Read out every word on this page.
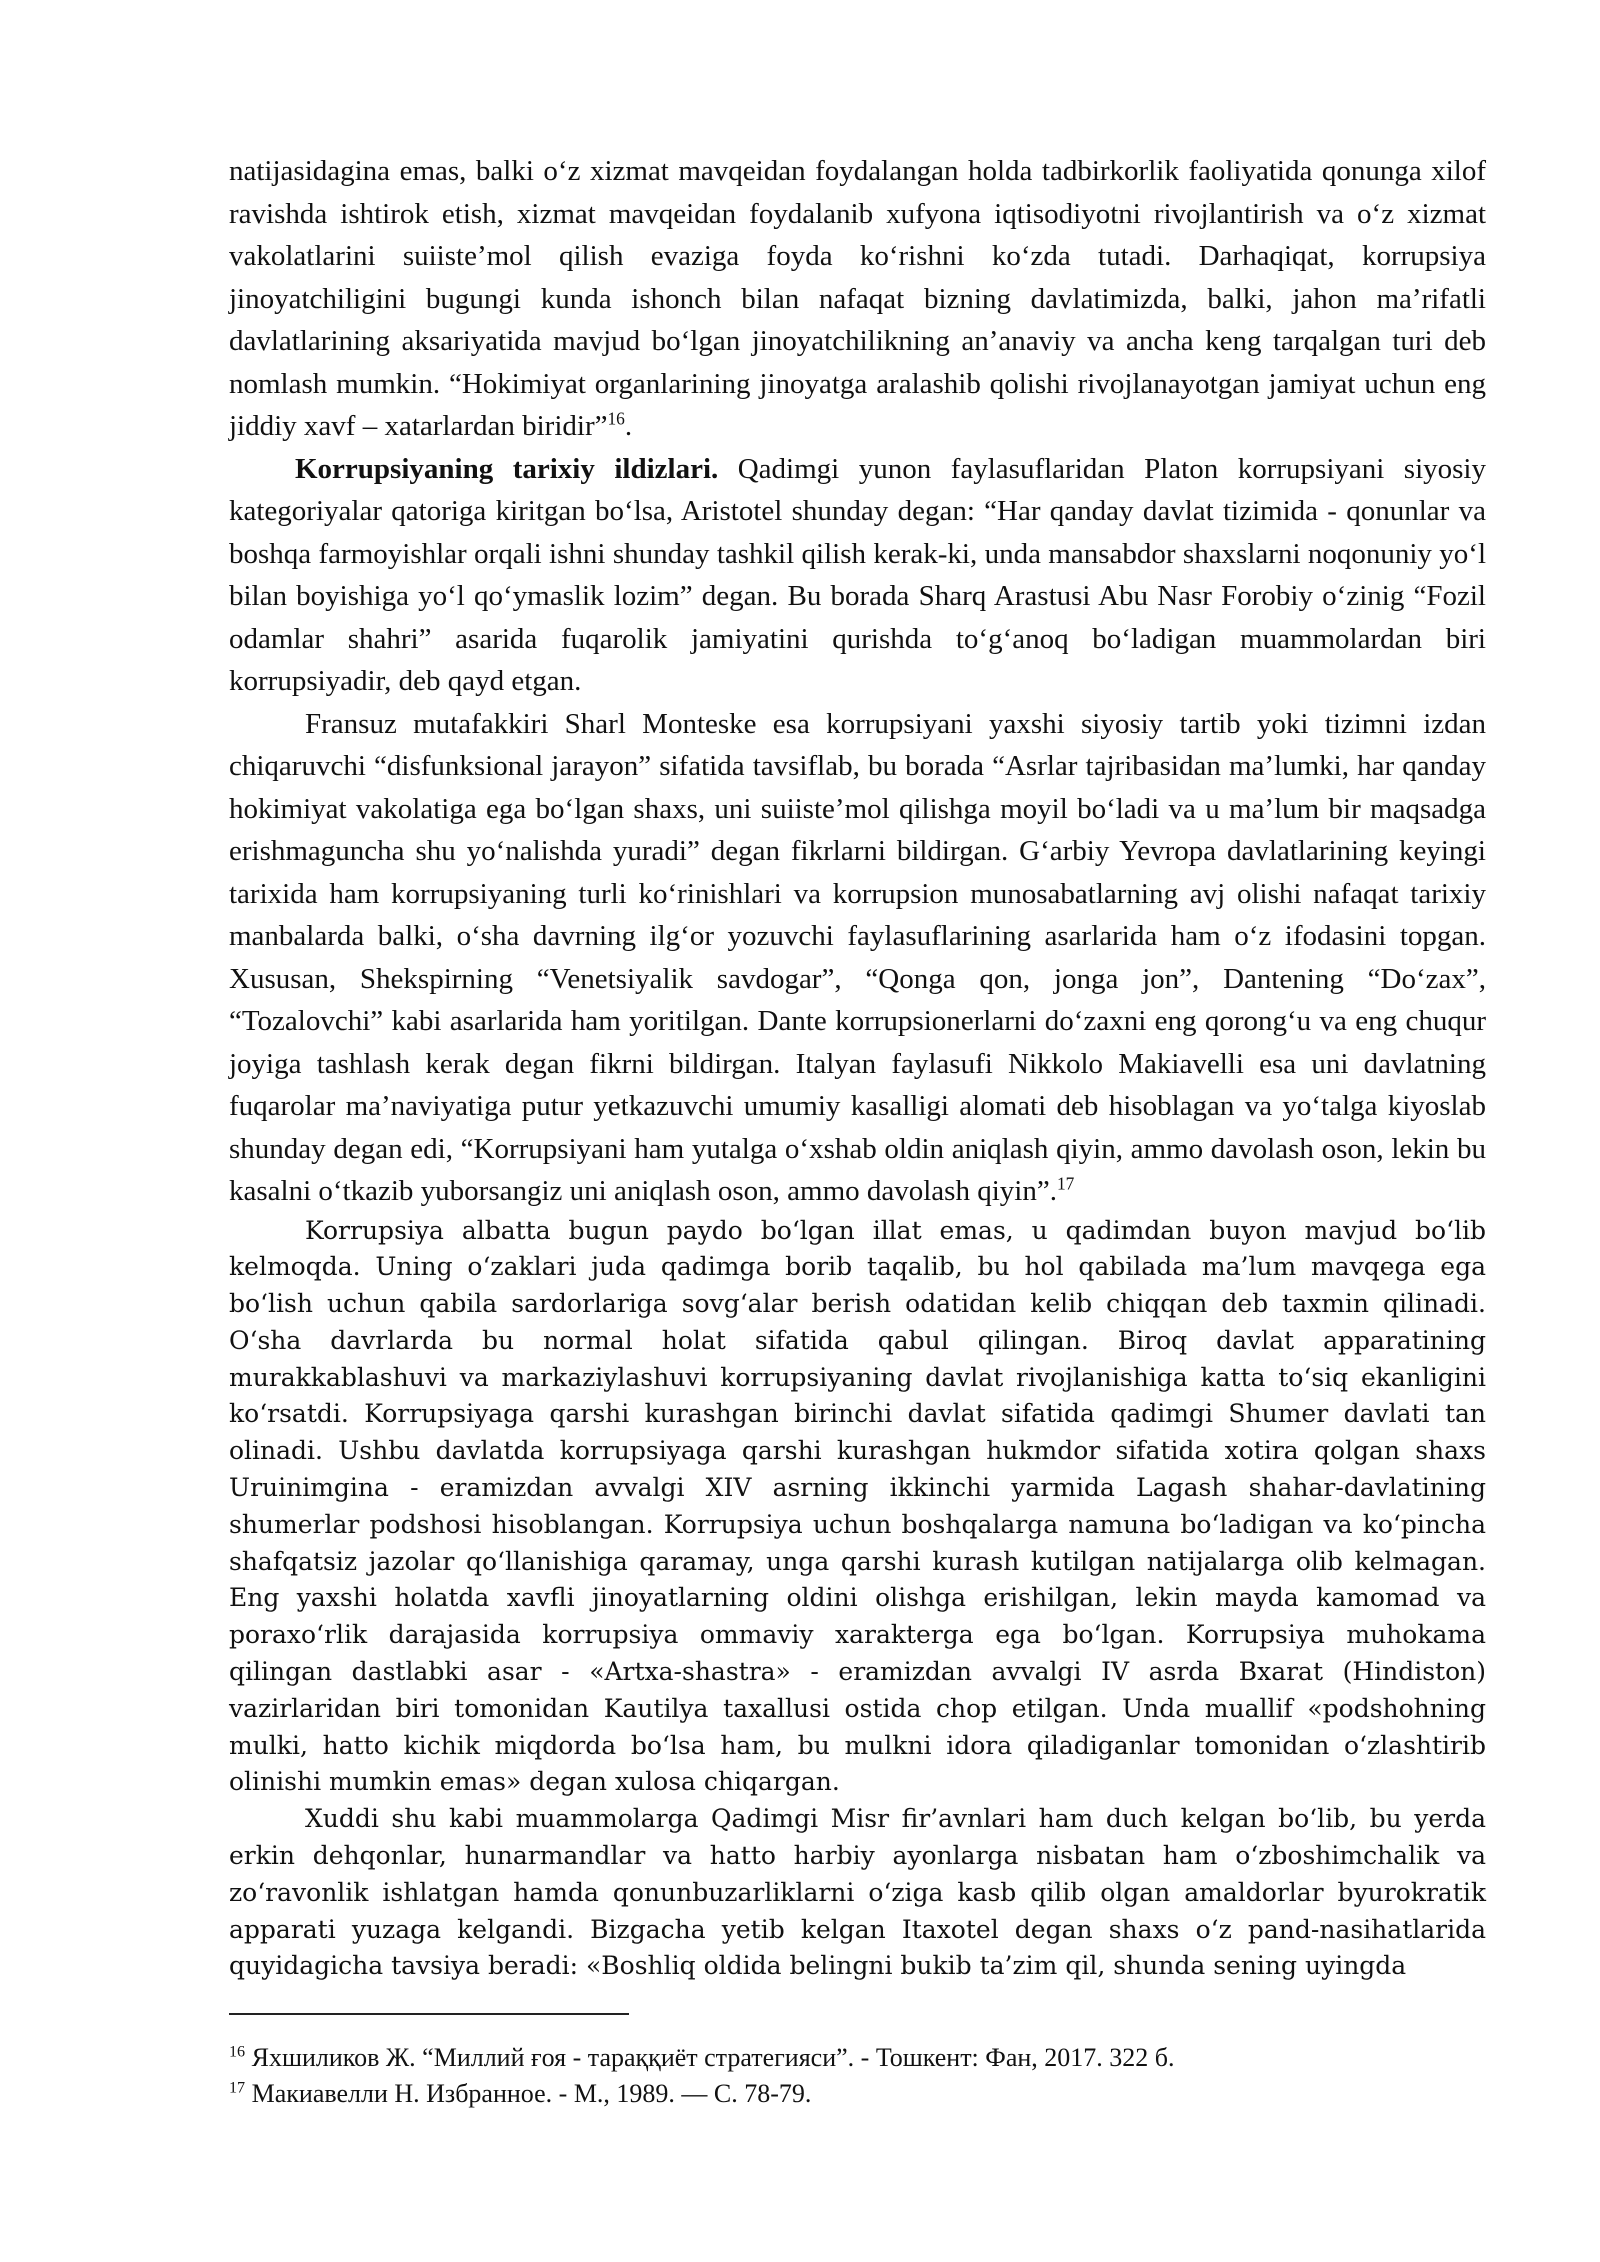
natijasidagina emas, balki o‘z xizmat mavqeidan foydalangan holda tadbirkorlik faoliyatida qonunga xilof ravishda ishtirok etish, xizmat mavqeidan foydalanib xufyona iqtisodiyotni rivojlantirish va o‘z xizmat vakolatlarini suiiste’mol qilish evaziga foyda ko‘rishni ko‘zda tutadi. Darhaqiqat, korrupsiya jinoyatchiligini bugungi kunda ishonch bilan nafaqat bizning davlatimizda, balki, jahon ma’rifatli davlatlarining aksariyatida mavjud bo‘lgan jinoyatchilikning an’anaviy va ancha keng tarqalgan turi deb nomlash mumkin. “Hokimiyat organlarining jinoyatga aralashib qolishi rivojlanayotgan jamiyat uchun eng jiddiy xavf – xatarlardan biridir”$^{16}$.

Korrupsiyaning tarixiy ildizlari. Qadimgi yunon faylasuflaridan Platon korrupsiyani siyosiy kategoriyalar qatoriga kiritgan bo‘lsa, Aristotel shunday degan: “Har qanday davlat tizimida - qonunlar va boshqa farmoyishlar orqali ishni shunday tashkil qilish kerak-ki, unda mansabdor shaxslarni noqonuniy yo‘l bilan boyishiga yo‘l qo‘ymaslik lozim” degan. Bu borada Sharq Arastusi Abu Nasr Forobiy o‘zinig “Fozil odamlar shahri” asarida fuqarolik jamiyatini qurishda to‘g‘anoq bo‘ladigan muammolardan biri korrupsiyadir, deb qayd etgan.

Fransuz mutafakkiri Sharl Monteske esa korrupsiyani yaxshi siyosiy tartib yoki tizimni izdan chiqaruvchi “disfunksional jarayon” sifatida tavsiflab, bu borada “Asrlar tajribasidan ma’lumki, har qanday hokimiyat vakolatiga ega bo‘lgan shaxs, uni suiiste’mol qilishga moyil bo‘ladi va u ma’lum bir maqsadga erishmaguncha shu yo‘nalishda yuradi” degan fikrlarni bildirgan. G‘arbiy Yevropa davlatlarining keyingi tarixida ham korrupsiyaning turli ko‘rinishlari va korrupsion munosabatlarning avj olishi nafaqat tarixiy manbalarda balki, o‘sha davrning ilg‘or yozuvchi faylasuflarining asarlarida ham o‘z ifodasini topgan. Xususan, Shekspirning “Venetsiyalik savdogar”, “Qonga qon, jonga jon”, Dantening “Do‘zax”, “Tozalovchi” kabi asarlarida ham yoritilgan. Dante korrupsionerlarni do‘zaxni eng qorong‘u va eng chuqur joyiga tashlash kerak degan fikrni bildirgan. Italyan faylasufi Nikkolo Makiavelli esa uni davlatning fuqarolar ma’naviyatiga putur yetkazuvchi umumiy kasalligi alomati deb hisoblagan va yo‘talga kiyoslab shunday degan edi, “Korrupsiyani ham yutalga o‘xshab oldin aniqlash qiyin, ammo davolash oson, lekin bu kasalni o‘tkazib yuborsangiz uni aniqlash oson, ammo davolash qiyin”.$^{17}$

Korrupsiya albatta bugun paydo bo‘lgan illat emas, u qadimdan buyon mavjud bo‘lib kelmoqda. Uning o‘zaklari juda qadimga borib taqalib, bu hol qabilada ma’lum mavqega ega bo‘lish uchun qabila sardorlariga sovg‘alar berish odatidan kelib chiqqan deb taxmin qilinadi. O‘sha davrlarda bu normal holat sifatida qabul qilingan. Biroq davlat apparatining murakkablashuvi va markaziylashuvi korrupsiyaning davlat rivojlanishiga katta to‘siq ekanligini ko‘rsatdi. Korrupsiyaga qarshi kurashgan birinchi davlat sifatida qadimgi Shumer davlati tan olinadi. Ushbu davlatda korrupsiyaga qarshi kurashgan hukmdor sifatida xotira qolgan shaxs Uruinimgina - eramizdan avvalgi XIV asrning ikkinchi yarmida Lagash shahar-davlatining shumerlar podshosi hisoblangan. Korrupsiya uchun boshqalarga namuna bo‘ladigan va ko‘pincha shafqatsiz jazolar qo‘llanishiga qaramay, unga qarshi kurash kutilgan natijalarga olib kelmagan. Eng yaxshi holatda xavfli jinoyatlarning oldini olishga erishilgan, lekin mayda kamomad va poraxo‘rlik darajasida korrupsiya ommaviy xarakterga ega bo‘lgan. Korrupsiya muhokama qilingan dastlabki asar - «Artxa-shastra» - eramizdan avvalgi IV asrda Bxarat (Hindiston) vazirlaridan biri tomonidan Kautilya taxallusi ostida chop etilgan. Unda muallif «podshohning mulki, hatto kichik miqdorda bo‘lsa ham, bu mulkni idora qiladiganlar tomonidan o‘zlashtirib olinishi mumkin emas» degan xulosa chiqargan.

Xuddi shu kabi muammolarga Qadimgi Misr fir’avnlari ham duch kelgan bo‘lib, bu yerda erkin dehqonlar, hunarmandlar va hatto harbiy ayonlarga nisbatan ham o‘zboshimchalik va zo‘ravonlik ishlatgan hamda qonunbuzarliklarni o‘ziga kasb qilib olgan amaldorlar byurokratik apparati yuzaga kelgandi. Bizgacha yetib kelgan Itaxotel degan shaxs o‘z pand-nasihatlarida quyidagicha tavsiya beradi: «Boshliq oldida belingni bukib ta’zim qil, shunda sening uyingda

$^{16}$ Яхшиликов Ж. “Миллий ғоя - тараққиёт стратегияси”. - Тошкент: Фан, 2017. 322 б.
$^{17}$ Макиавелли Н. Избранное. - М., 1989. — С. 78-79.
